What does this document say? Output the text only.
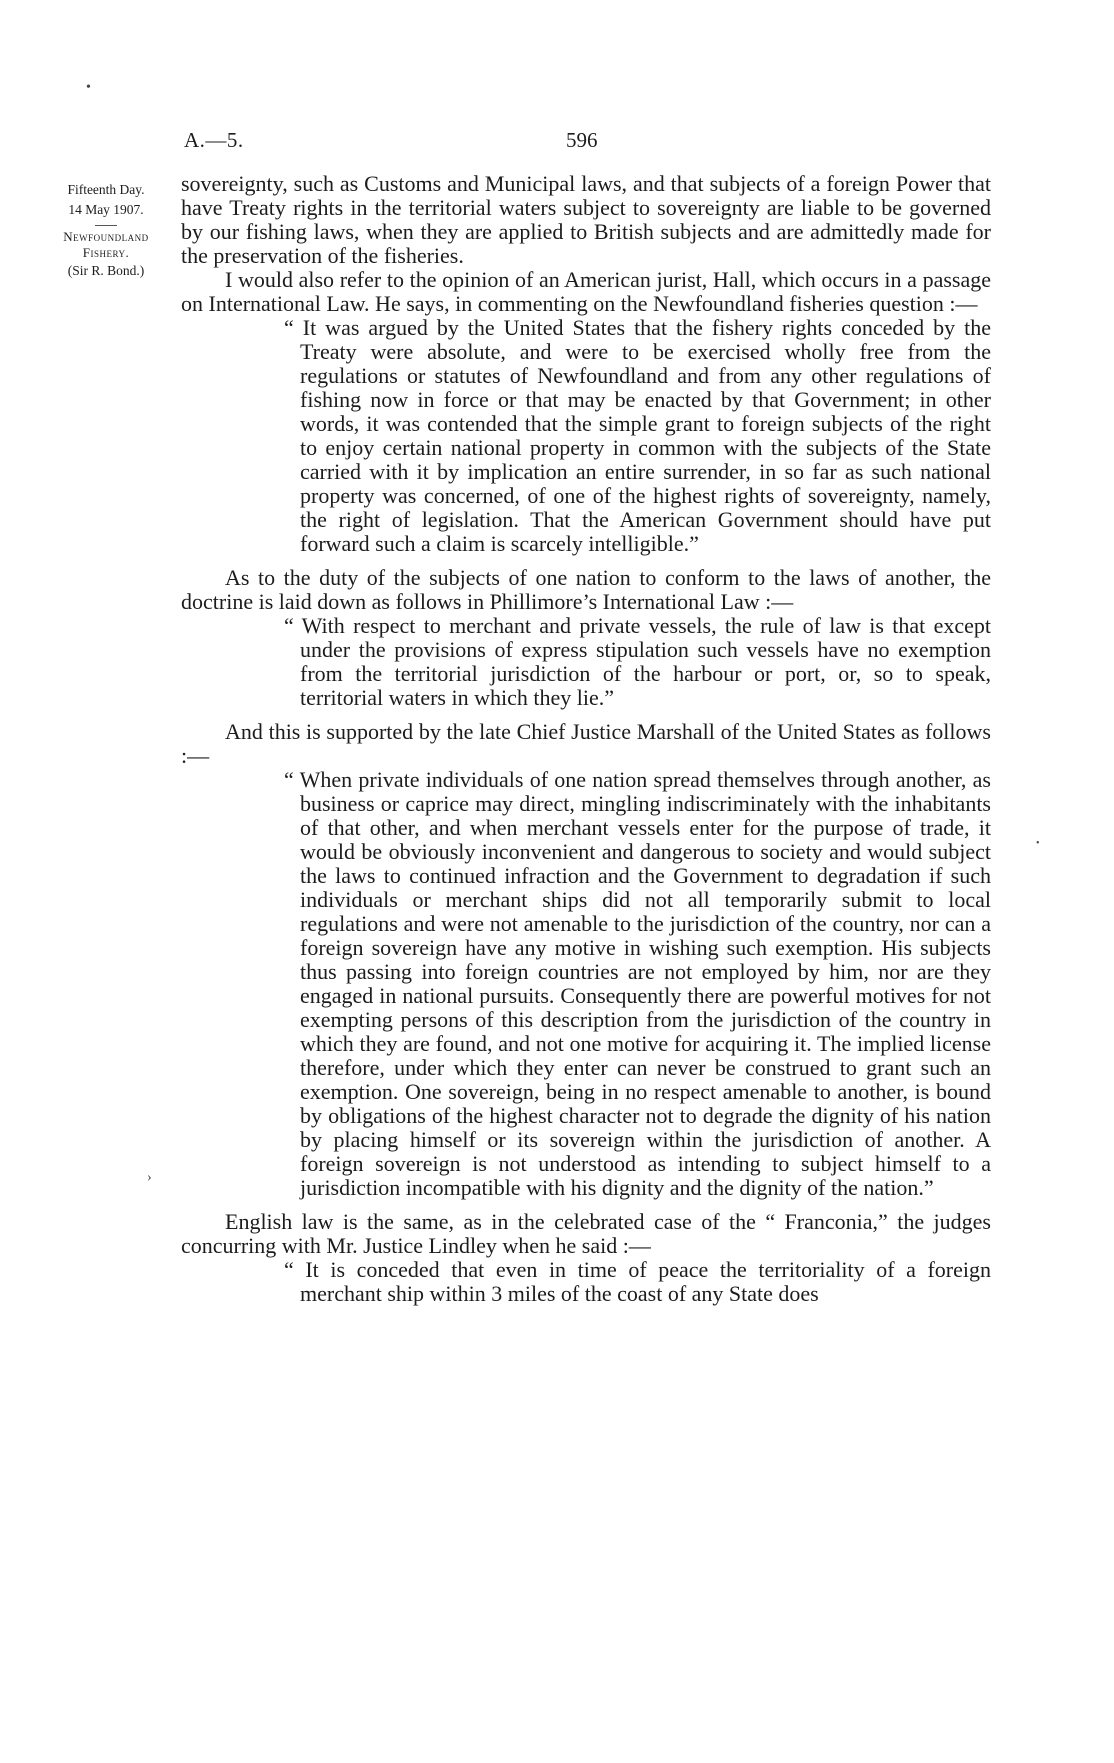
A.—5.	596
Fifteenth Day.
14 May 1907.
Newfoundland
Fishery.
(Sir R. Bond.)

sovereignty, such as Customs and Municipal laws, and that subjects of a foreign Power that have Treaty rights in the territorial waters subject to sovereignty are liable to be governed by our fishing laws, when they are applied to British subjects and are admittedly made for the preservation of the fisheries.

I would also refer to the opinion of an American jurist, Hall, which occurs in a passage on International Law. He says, in commenting on the Newfoundland fisheries question :—

“ It was argued by the United States that the fishery rights conceded by the Treaty were absolute, and were to be exercised wholly free from the regulations or statutes of Newfoundland and from any other regulations of fishing now in force or that may be enacted by that Government; in other words, it was contended that the simple grant to foreign subjects of the right to enjoy certain national property in common with the subjects of the State carried with it by implication an entire surrender, in so far as such national property was concerned, of one of the highest rights of sovereignty, namely, the right of legislation. That the American Government should have put forward such a claim is scarcely intelligible.”

As to the duty of the subjects of one nation to conform to the laws of another, the doctrine is laid down as follows in Phillimore’s International Law :—

“ With respect to merchant and private vessels, the rule of law is that except under the provisions of express stipulation such vessels have no exemption from the territorial jurisdiction of the harbour or port, or, so to speak, territorial waters in which they lie.”

And this is supported by the late Chief Justice Marshall of the United States as follows :—

“ When private individuals of one nation spread themselves through another, as business or caprice may direct, mingling indiscriminately with the inhabitants of that other, and when merchant vessels enter for the purpose of trade, it would be obviously inconvenient and dangerous to society and would subject the laws to continued infraction and the Government to degradation if such individuals or merchant ships did not all temporarily submit to local regulations and were not amenable to the jurisdiction of the country, nor can a foreign sovereign have any motive in wishing such exemption. His subjects thus passing into foreign countries are not employed by him, nor are they engaged in national pursuits. Consequently there are powerful motives for not exempting persons of this description from the jurisdiction of the country in which they are found, and not one motive for acquiring it. The implied license therefore, under which they enter can never be construed to grant such an exemption. One sovereign, being in no respect amenable to another, is bound by obligations of the highest character not to degrade the dignity of his nation by placing himself or its sovereign within the jurisdiction of another. A foreign sovereign is not understood as intending to subject himself to a jurisdiction incompatible with his dignity and the dignity of the nation.”

English law is the same, as in the celebrated case of the “ Franconia,” the judges concurring with Mr. Justice Lindley when he said :—

“ It is conceded that even in time of peace the territoriality of a foreign merchant ship within 3 miles of the coast of any State does

•
›
•
